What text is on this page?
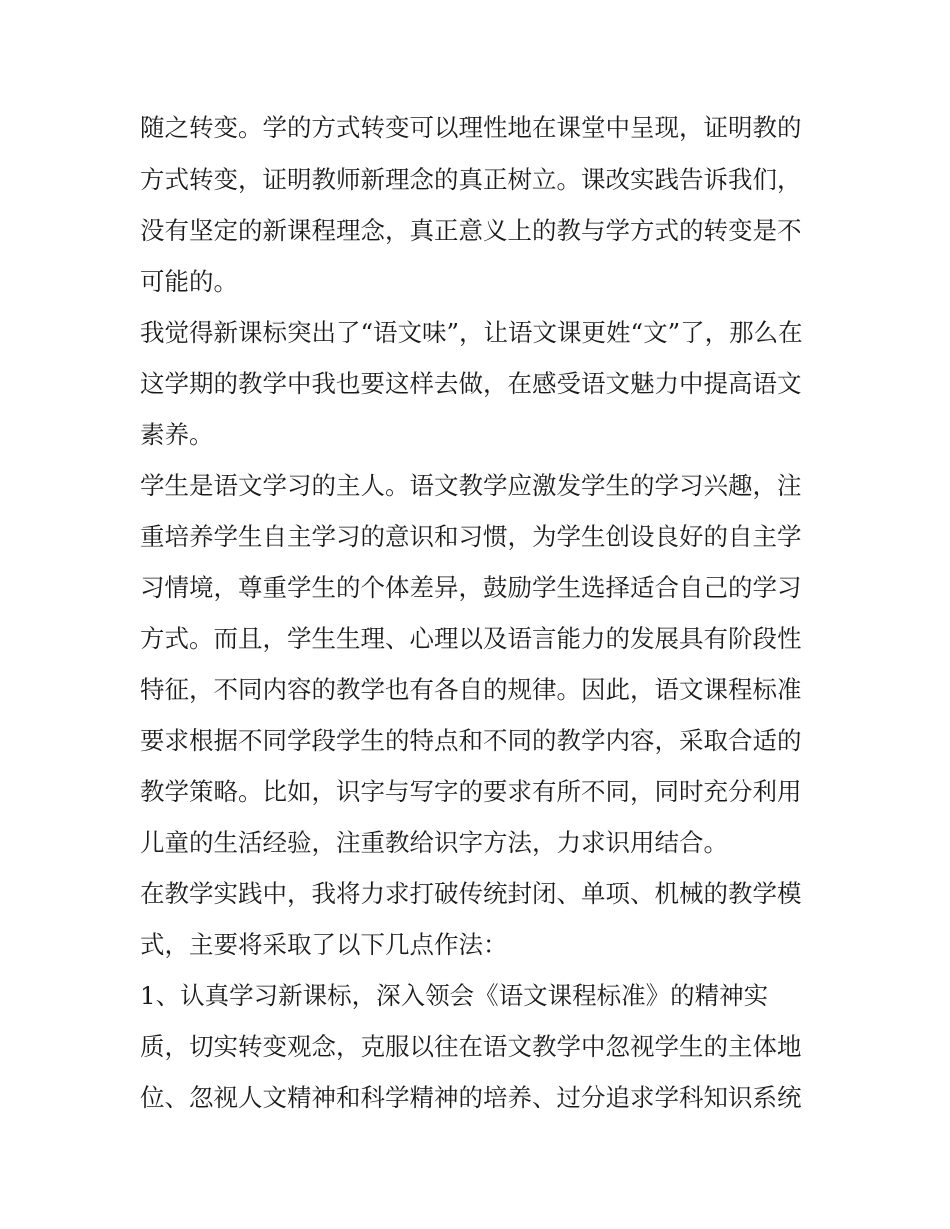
随之转变。学的方式转变可以理性地在课堂中呈现，证明教的
方式转变，证明教师新理念的真正树立。课改实践告诉我们，
没有坚定的新课程理念，真正意义上的教与学方式的转变是不
可能的。
我觉得新课标突出了“语文味”，让语文课更姓“文”了，那么在
这学期的教学中我也要这样去做，在感受语文魅力中提高语文
素养。
学生是语文学习的主人。语文教学应激发学生的学习兴趣，注
重培养学生自主学习的意识和习惯，为学生创设良好的自主学
习情境，尊重学生的个体差异，鼓励学生选择适合自己的学习
方式。而且，学生生理、心理以及语言能力的发展具有阶段性
特征，不同内容的教学也有各自的规律。因此，语文课程标准
要求根据不同学段学生的特点和不同的教学内容，采取合适的
教学策略。比如，识字与写字的要求有所不同，同时充分利用
儿童的生活经验，注重教给识字方法，力求识用结合。
在教学实践中，我将力求打破传统封闭、单项、机械的教学模
式，主要将采取了以下几点作法：
1、认真学习新课标，深入领会《语文课程标准》的精神实
质，切实转变观念，克服以往在语文教学中忽视学生的主体地
位、忽视人文精神和科学精神的培养、过分追求学科知识系统
